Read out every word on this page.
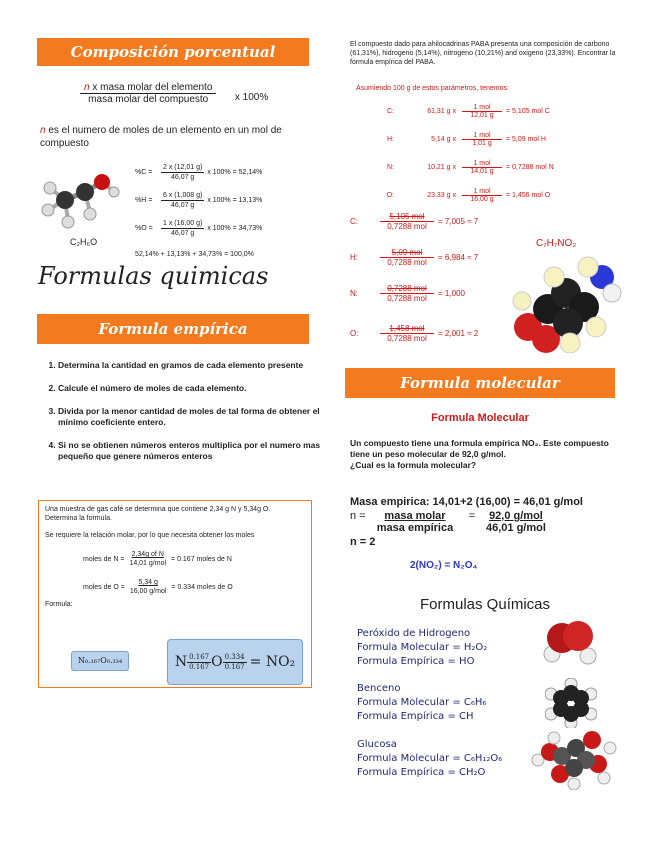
Composición porcentual
n x masa molar del elemento
masa molar del compuesto	x 100%
n es el numero de moles de un elemento en un mol de compuesto
C₂H₆O
%C =	$\frac{2 x (12,01 g)}{46,07 g}$ x 100% = 52,14%
%H =	$\frac{6 x (1,008 g)}{46,07 g}$ x 100% = 13,13%
%O =	$\frac{1 x (16,00 g)}{46,07 g}$ x 100% = 34,73%
52,14% + 13,13% + 34,73% = 100,0%
Formulas quimicas
Formula empírica
1. Determina la cantidad en gramos de cada elemento presente
2. Calcule el número de moles de cada elemento.
3. Divida por la menor cantidad de moles de tal forma de obtener el mínimo coeficiente entero.
4. Si no se obtienen números enteros multiplica por el numero mas pequeño que genere números enteros
Una muestra de gas café se determina que contiene 2,34 g N y 5,34g O.
Determina la formula.
Se requiere la relación molar, por lo que necesita obtener los moles
moles de $N = \frac{\text{2,34g of N}}{\text{14,01 g/mol}} = 0.167$ moles de N
moles de $O = \frac{5,34 g}{\text{16,00 g/mol}} = 0.334$ moles de O
Formula:
N₀.₁₆₇O₀.₃₃₄	N $\frac{0.167}{0.167}$ O $\frac{0.334}{0.167} = NO_2$
El compuesto dado para ahilocadrinas PABA presenta una composición de carbono (61,31%), hidrogeno (5,14%), nitrogeno (10,21%) and oxigeno (23,33%). Encontrar la formula empírica del PABA.
Asumiendo 100 g de estos parámetros, tenemos:
C:	61,31 g x $\frac{\text{1 mol}}{12,01 g} = 5,105$ mol C
H:	5,14 g x $\frac{\text{1 mol}}{1,01 g} = 5,09$ mol H
N:	10,21 g x $\frac{\text{1 mol}}{14,01 g} = 0,7288$ mol N
O:	23,33 g x $\frac{\text{1 mol}}{16,00 g} = 1,456$ mol O
C:	$\frac{\text{5,105 mol}}{\text{0,7288 mol}} = 7,005 \approx 7$
H:	$\frac{\text{5,09 mol}}{\text{0,7288 mol}} = 6,984 \approx 7$
N:	$\frac{\text{0,7288 mol}}{\text{0,7288 mol}} = 1,000$
O:	$\frac{\text{1,458 mol}}{\text{0,7288 mol}} = 2,001 \approx 2$
C₇H₇NO₂
Formula molecular
Formula Molecular
Un compuesto tiene una formula empírica NO₂. Este compuesto tiene un peso molecular de 92,0 g/mol.
¿Cual es la formula molecular?
Masa empirica: 14,01+2 (16,00) = 46,01 g/mol
n =	masa molar
masa empírica
=	92,0 g/mol
46,01 g/mol
n = 2
2(NO₂) = N₂O₄
Formulas Químicas
Peróxido de Hidrogeno
Formula Molecular = H₂O₂
Formula Empírica = HO
Benceno
Formula Molecular = C₆H₆
Formula Empírica = CH
Glucosa
Formula Molecular = C₆H₁₂O₆
Formula Empírica = CH₂O
